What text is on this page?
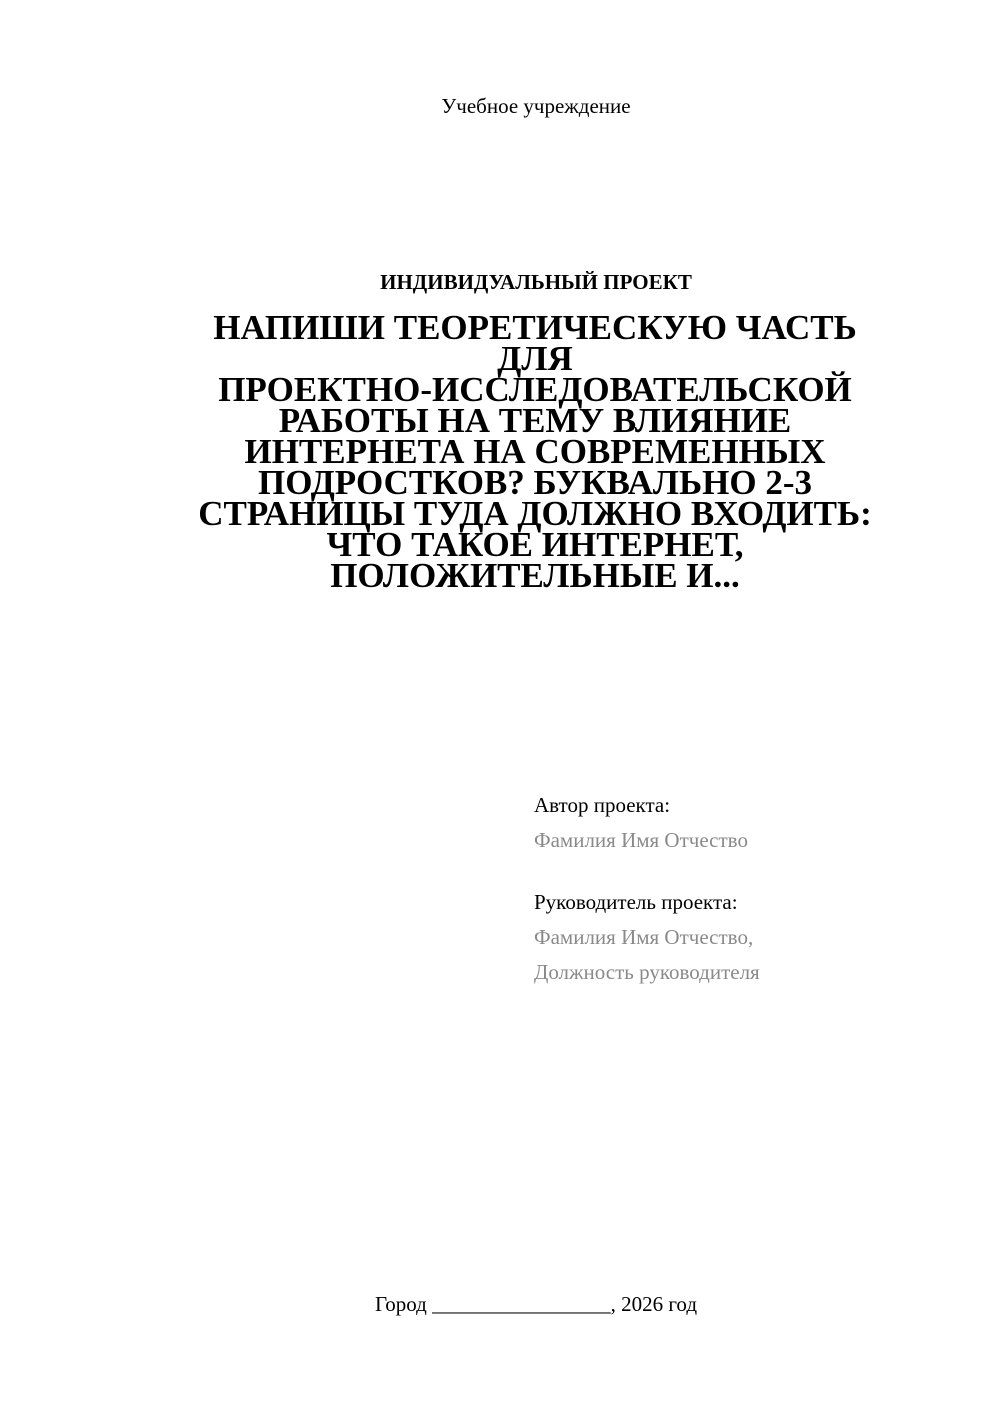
Учебное учреждение
ИНДИВИДУАЛЬНЫЙ ПРОЕКТ
НАПИШИ ТЕОРЕТИЧЕСКУЮ ЧАСТЬ
ДЛЯ
ПРОЕКТНО-ИССЛЕДОВАТЕЛЬСКОЙ
РАБОТЫ НА ТЕМУ ВЛИЯНИЕ
ИНТЕРНЕТА НА СОВРЕМЕННЫХ
ПОДРОСТКОВ? БУКВАЛЬНО 2-3
СТРАНИЦЫ ТУДА ДОЛЖНО ВХОДИТЬ:
ЧТО ТАКОЕ ИНТЕРНЕТ,
ПОЛОЖИТЕЛЬНЫЕ И...
Автор проекта:
Фамилия Имя Отчество
Руководитель проекта:
Фамилия Имя Отчество,
Должность руководителя
Город _________________, 2026 год
